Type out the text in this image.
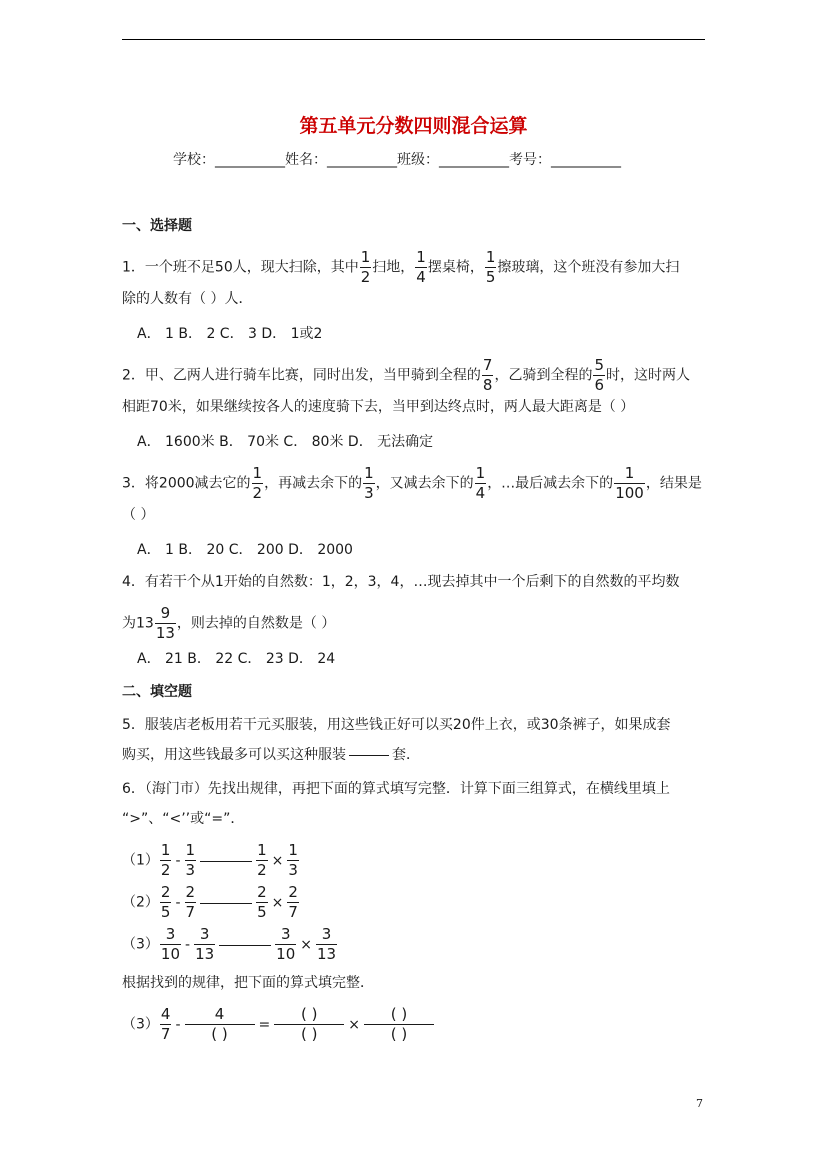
第五单元分数四则混合运算
学校：__________姓名：__________班级：__________考号：__________
一、选择题
1．一个班不足50人，现大扫除，其中 $\frac{1}{2}$ 扫地， $\frac{1}{4}$ 摆桌椅， $\frac{1}{5}$ 擦玻璃，这个班没有参加大扫
除的人数有（ ）人．
A． 1 B． 2 C． 3 D． 1或2
2．甲、乙两人进行骑车比赛，同时出发，当甲骑到全程的 $\frac{7}{8}$ ，乙骑到全程的 $\frac{5}{6}$ 时，这时两人
相距70米，如果继续按各人的速度骑下去，当甲到达终点时，两人最大距离是（ ）
A． 1600米 B． 70米 C． 80米 D． 无法确定
3．将2000减去它的 $\frac{1}{2}$ ，再减去余下的 $\frac{1}{3}$ ，又减去余下的 $\frac{1}{4}$ ，…最后减去余下的 $\frac{1}{100}$ ，结果是
（ ）
A． 1 B． 20 C． 200 D． 2000
4．有若干个从1开始的自然数：1，2，3，4，…现去掉其中一个后剩下的自然数的平均数
为$13 \frac{9}{13}$ ，则去掉的自然数是（ ）
A． 21 B． 22 C． 23 D． 24
二、填空题
5．服装店老板用若干元买服装，用这些钱正好可以买20件上衣，或30条裤子，如果成套
购买，用这些钱最多可以买这种服装	套．
6．（海门市）先找出规律，再把下面的算式填写完整．计算下面三组算式，在横线里填上
“>”、“<’’或“=”．
$(1) \frac{1}{2} - \frac{1}{3}$	$\frac{1}{2} \times \frac{1}{3}$
$(2) \frac{2}{5} - \frac{2}{7}$	$\frac{2}{5} \times \frac{2}{7}$
$(3) \frac{3}{10} - \frac{3}{13}$	$\frac{3}{10} \times \frac{3}{13}$
根据找到的规律，把下面的算式填完整．
$(3) \frac{4}{7} - \frac{4}{( )} = \frac{( )}{( )} \times \frac{( )}{( )}$
7
